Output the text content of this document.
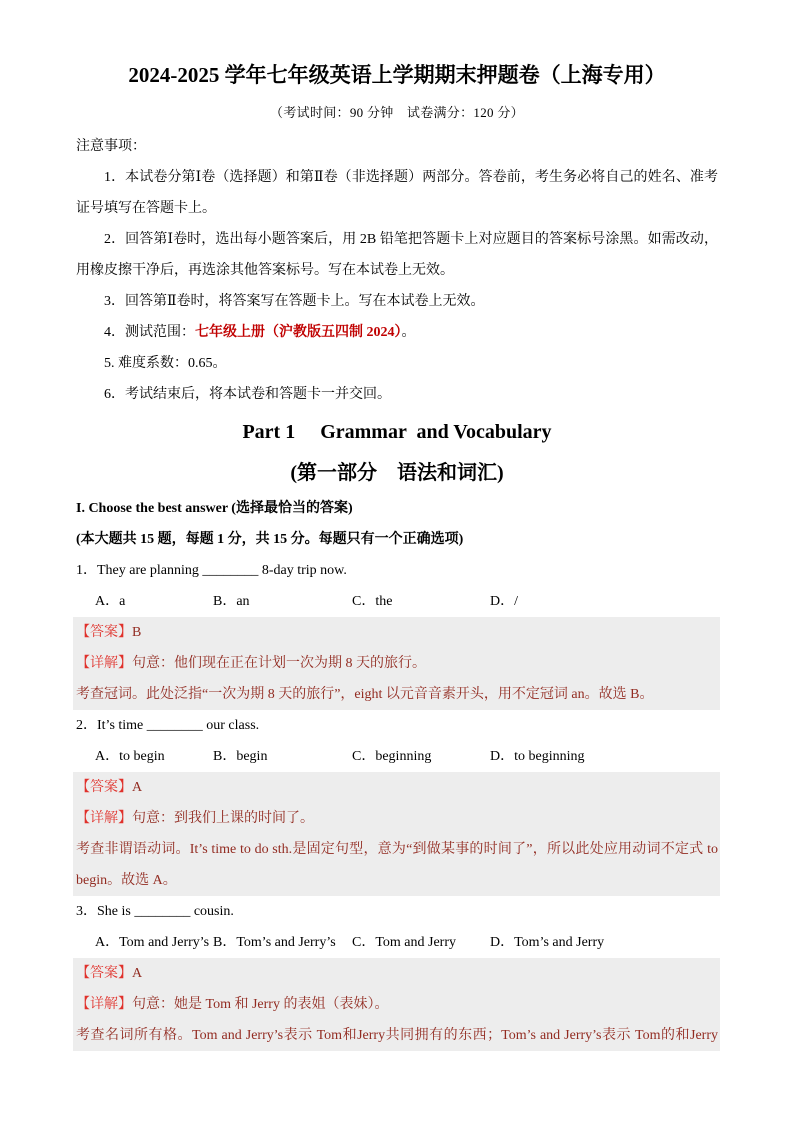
2024-2025 学年七年级英语上学期期末押题卷（上海专用）
（考试时间：90 分钟　试卷满分：120 分）
注意事项：

1．本试卷分第Ⅰ卷（选择题）和第Ⅱ卷（非选择题）两部分。答卷前，考生务必将自己的姓名、准考证号填写在答题卡上。

2．回答第Ⅰ卷时，选出每小题答案后，用 2B 铅笔把答题卡上对应题目的答案标号涂黑。如需改动，用橡皮擦干净后，再选涂其他答案标号。写在本试卷上无效。

3．回答第Ⅱ卷时，将答案写在答题卡上。写在本试卷上无效。

4．测试范围：七年级上册（沪教版五四制 2024）。

5. 难度系数：0.65。

6．考试结束后，将本试卷和答题卡一并交回。

Part 1     Grammar  and Vocabulary
(第一部分　语法和词汇)
I. Choose the best answer (选择最恰当的答案)
(本大题共 15 题，每题 1 分，共 15 分。每题只有一个正确选项)
1．They are planning ________ 8-day trip now.
A．a	B．an	C．the	D．/
【答案】B
【详解】句意：他们现在正在计划一次为期 8 天的旅行。

考查冠词。此处泛指“一次为期 8 天的旅行”，eight 以元音音素开头，用不定冠词 an。故选 B。

2．It’s time ________ our class.
A．to begin	B．begin	C．beginning	D．to beginning
【答案】A
【详解】句意：到我们上课的时间了。

考查非谓语动词。It’s time to do sth.是固定句型，意为“到做某事的时间了”，所以此处应用动词不定式 to begin。故选 A。

3．She is ________ cousin.
A．Tom and Jerry’s B．Tom’s and Jerry’s C．Tom and Jerry D．Tom’s and Jerry
【答案】A
【详解】句意：她是 Tom 和 Jerry 的表姐（表妹）。

考查名词所有格。Tom and Jerry’s表示 Tom和Jerry共同拥有的东西；Tom’s and Jerry’s表示 Tom的和Jerry
